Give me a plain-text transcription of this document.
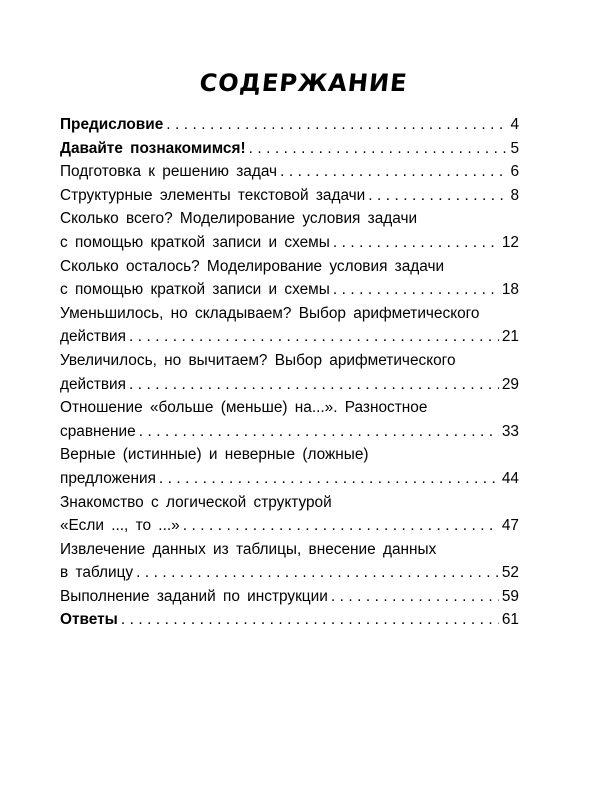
СОДЕРЖАНИЕ
Предисловие . . .	4
Давайте познакомимся! . . .	5
Подготовка к решению задач . . .	6
Структурные элементы текстовой задачи . . .	8
Сколько всего? Моделирование условия задачи
с помощью краткой записи и схемы . . .	12
Сколько осталось? Моделирование условия задачи
с помощью краткой записи и схемы . . .	18
Уменьшилось, но складываем? Выбор арифметического
действия . . .	21
Увеличилось, но вычитаем? Выбор арифметического
действия . . .	29
Отношение «больше (меньше) на...». Разностное
сравнение . . .	33
Верные (истинные) и неверные (ложные)
предложения . . .	44
Знакомство с логической структурой
«Если ..., то ...» . . .	47
Извлечение данных из таблицы, внесение данных
в таблицу . . .	52
Выполнение заданий по инструкции . . .	59
Ответы . . .	61
